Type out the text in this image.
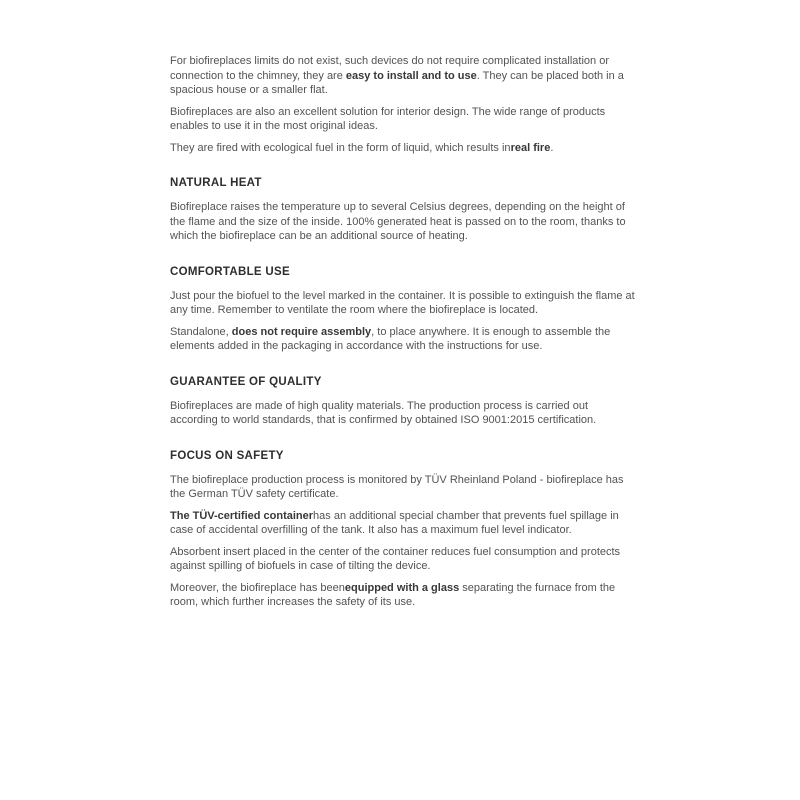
For biofireplaces limits do not exist, such devices do not require complicated installation or connection to the chimney, they are easy to install and to use. They can be placed both in a spacious house or a smaller flat.

Biofireplaces are also an excellent solution for interior design. The wide range of products enables to use it in the most original ideas.

They are fired with ecological fuel in the form of liquid, which results inreal fire.

NATURAL HEAT

Biofireplace raises the temperature up to several Celsius degrees, depending on the height of the flame and the size of the inside. 100% generated heat is passed on to the room, thanks to which the biofireplace can be an additional source of heating.

COMFORTABLE USE

Just pour the biofuel to the level marked in the container. It is possible to extinguish the flame at any time. Remember to ventilate the room where the biofireplace is located.

Standalone, does not require assembly, to place anywhere. It is enough to assemble the elements added in the packaging in accordance with the instructions for use.

GUARANTEE OF QUALITY

Biofireplaces are made of high quality materials. The production process is carried out according to world standards, that is confirmed by obtained ISO 9001:2015 certification.

FOCUS ON SAFETY

The biofireplace production process is monitored by TÜV Rheinland Poland - biofireplace has the German TÜV safety certificate.

The TÜV-certified containerhas an additional special chamber that prevents fuel spillage in case of accidental overfilling of the tank. It also has a maximum fuel level indicator.

Absorbent insert placed in the center of the container reduces fuel consumption and protects against spilling of biofuels in case of tilting the device.

Moreover, the biofireplace has beenequipped with a glass separating the furnace from the room, which further increases the safety of its use.
